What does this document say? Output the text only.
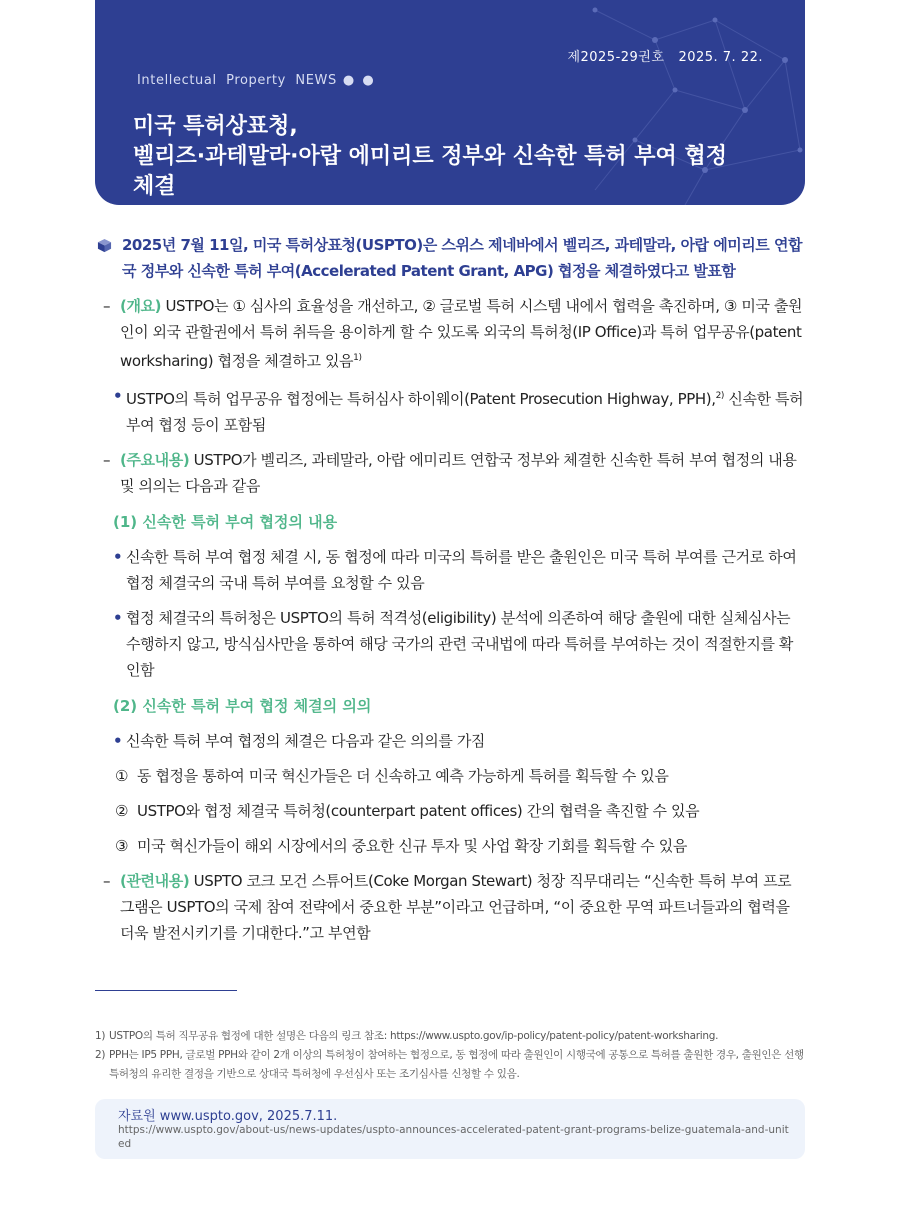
제2025-29권호 2025. 7. 22.
Intellectual  Property  NEWS ● ●
미국 특허상표청,
벨리즈·과테말라·아랍 에미리트 정부와 신속한 특허 부여 협정
체결
2025년 7월 11일, 미국 특허상표청(USPTO)은 스위스 제네바에서 벨리즈, 과테말라, 아랍 에미리트 연합국 정부와 신속한 특허 부여(Accelerated Patent Grant, APG) 협정을 체결하였다고 발표함
– (개요) USTPO는 ① 심사의 효율성을 개선하고, ② 글로벌 특허 시스템 내에서 협력을 촉진하며, ③ 미국 출원인이 외국 관할권에서 특허 취득을 용이하게 할 수 있도록 외국의 특허청(IP Office)과 특허 업무공유(patent worksharing) 협정을 체결하고 있음$^{1)}$
• USTPO의 특허 업무공유 협정에는 특허심사 하이웨이(Patent Prosecution Highway, PPH),$^{2)}$ 신속한 특허 부여 협정 등이 포함됨
– (주요내용) USTPO가 벨리즈, 과테말라, 아랍 에미리트 연합국 정부와 체결한 신속한 특허 부여 협정의 내용 및 의의는 다음과 같음
(1) 신속한 특허 부여 협정의 내용
• 신속한 특허 부여 협정 체결 시, 동 협정에 따라 미국의 특허를 받은 출원인은 미국 특허 부여를 근거로 하여 협정 체결국의 국내 특허 부여를 요청할 수 있음
• 협정 체결국의 특허청은 USPTO의 특허 적격성(eligibility) 분석에 의존하여 해당 출원에 대한 실체심사는 수행하지 않고, 방식심사만을 통하여 해당 국가의 관련 국내법에 따라 특허를 부여하는 것이 적절한지를 확인함
(2) 신속한 특허 부여 협정 체결의 의의
• 신속한 특허 부여 협정의 체결은 다음과 같은 의의를 가짐
① 동 협정을 통하여 미국 혁신가들은 더 신속하고 예측 가능하게 특허를 획득할 수 있음
② USTPO와 협정 체결국 특허청(counterpart patent offices) 간의 협력을 촉진할 수 있음
③ 미국 혁신가들이 해외 시장에서의 중요한 신규 투자 및 사업 확장 기회를 획득할 수 있음
– (관련내용) USPTO 코크 모건 스튜어트(Coke Morgan Stewart) 청장 직무대리는 “신속한 특허 부여 프로그램은 USPTO의 국제 참여 전략에서 중요한 부분”이라고 언급하며, “이 중요한 무역 파트너들과의 협력을 더욱 발전시키기를 기대한다.”고 부연함
1) USTPO의 특허 직무공유 협정에 대한 설명은 다음의 링크 참조: https://www.uspto.gov/ip-policy/patent-policy/patent-worksharing.
2) PPH는 IP5 PPH, 글로벌 PPH와 같이 2개 이상의 특허청이 참여하는 협정으로, 동 협정에 따라 출원인이 시행국에 공통으로 특허를 출원한 경우, 출원인은 선행 특허청의 유리한 결정을 기반으로 상대국 특허청에 우선심사 또는 조기심사를 신청할 수 있음.
자료원 www.uspto.gov, 2025.7.11.
https://www.uspto.gov/about-us/news-updates/uspto-announces-accelerated-patent-grant-programs-belize-guatemala-and-united
